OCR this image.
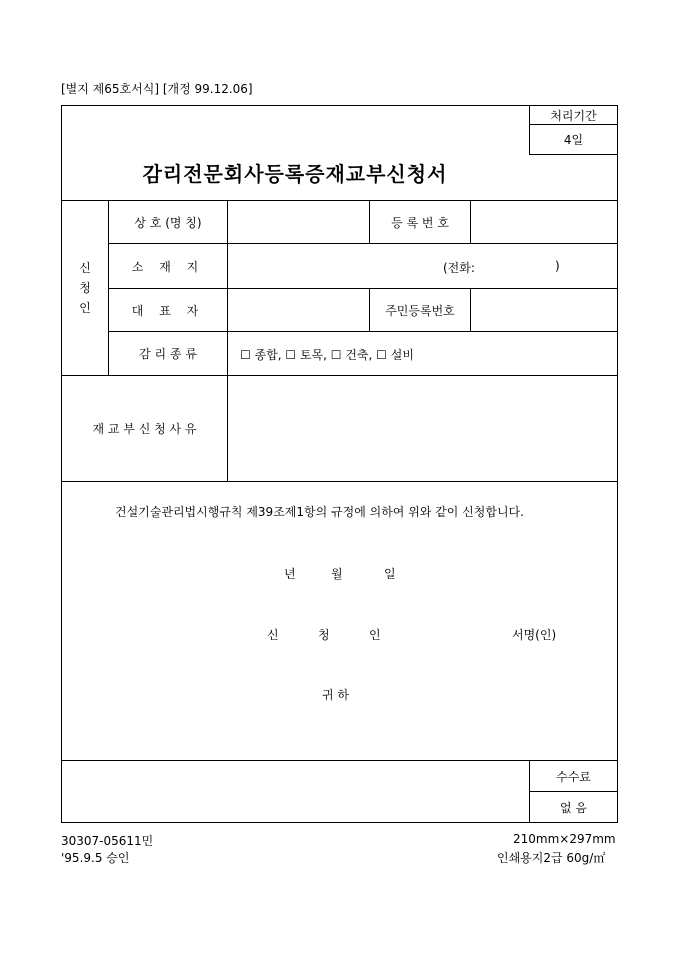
[별지 제65호서식] [개정 99.12.06]
처리기간
4일
감리전문회사등록증재교부신청서
신
청
인
상 호 (명 칭)	등 록 번 호
소 재 지	(전화:	)
대 표 자	주민등록번호
감 리 종 류	☐ 종합, ☐ 토목, ☐ 건축, ☐ 설비
재 교 부 신 청 사 유
건설기술관리법시행규칙 제39조제1항의 규정에 의하여 위와 같이 신청합니다.
년	월	일
신	청	인	서명(인)
귀 하
수수료
없 음
30307-05611민
'95.9.5 승인
210mm×297mm
인쇄용지2급 60g/㎡
